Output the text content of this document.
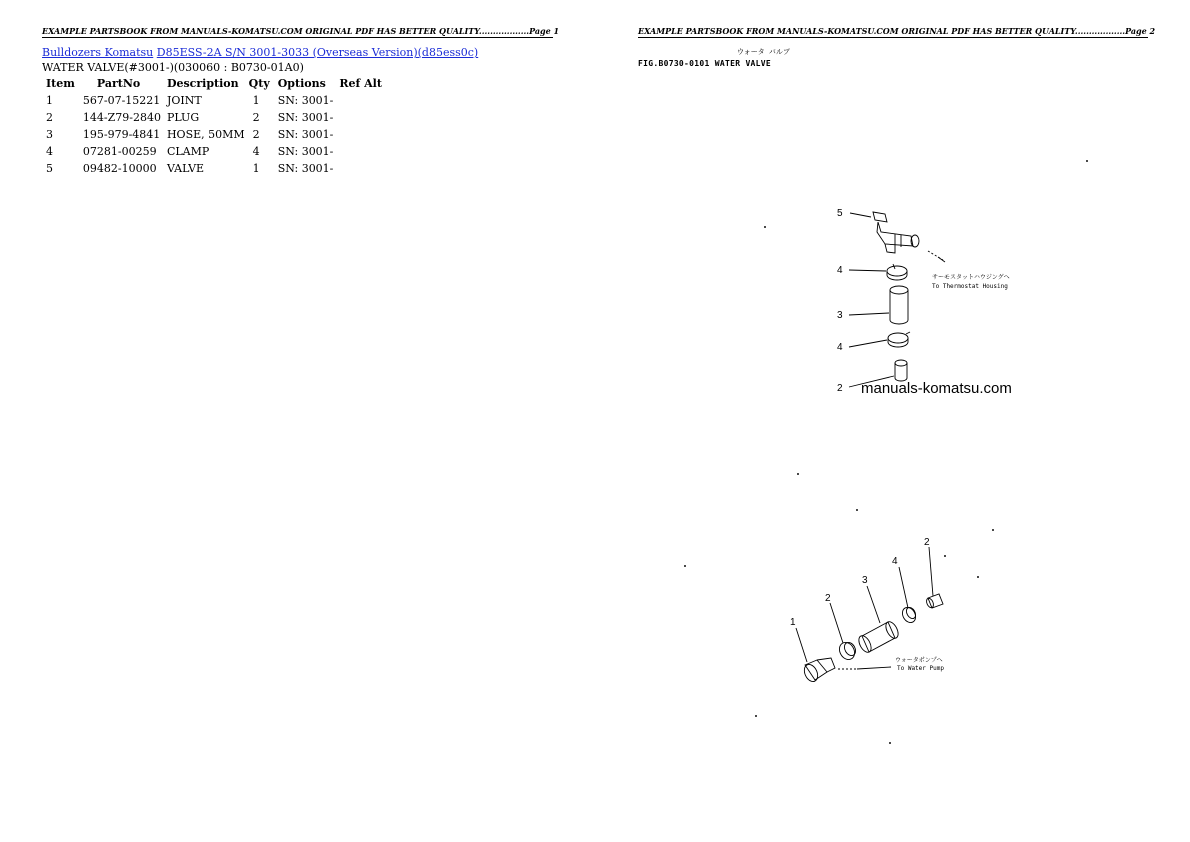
EXAMPLE PARTSBOOK FROM MANUALS-KOMATSU.COM ORIGINAL PDF HAS BETTER QUALITY..................Page 1
Bulldozers Komatsu D85ESS-2A S/N 3001-3033 (Overseas Version)(d85ess0c)
WATER VALVE(#3001-)(030060 : B0730-01A0)
Item	PartNo	Description	Qty	Options	Ref Alt
1	567-07-15221	JOINT	1	SN: 3001-	
2	144-Z79-2840	PLUG	2	SN: 3001-	
3	195-979-4841	HOSE, 50MM	2	SN: 3001-	
4	07281-00259	CLAMP	4	SN: 3001-	
5	09482-10000	VALVE	1	SN: 3001-	
EXAMPLE PARTSBOOK FROM MANUALS-KOMATSU.COM ORIGINAL PDF HAS BETTER QUALITY..................Page 2
ウォータ バルブ
FIG.B0730-0101 WATER VALVE
5
4
3
4
2
サーモスタットハウジングへ
To Thermostat Housing
manuals-komatsu.com
1
2
3
4
2
ウォータポンプへ
To Water Pump
